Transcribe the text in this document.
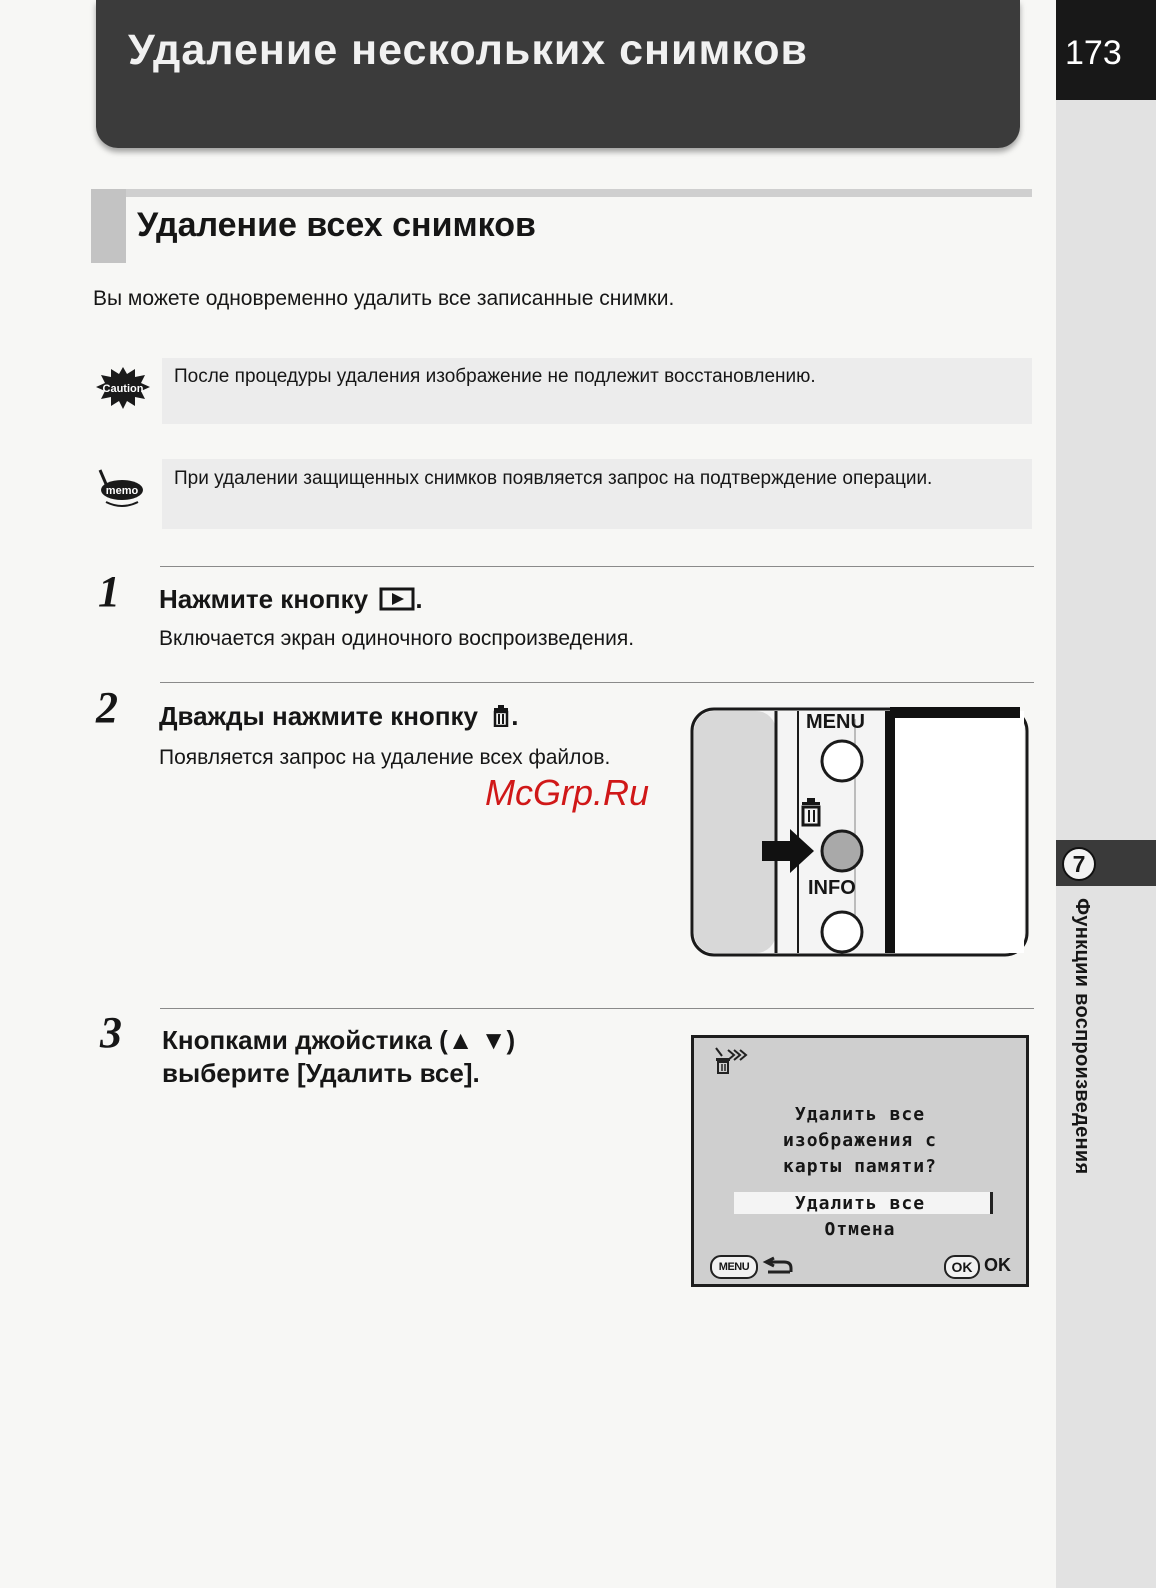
Удаление нескольких снимков	173
7
Функции воспроизведения
Удаление всех снимков
Вы можете одновременно удалить все записанные снимки.
Caution
После процедуры удаления изображение не подлежит восстановлению.
memo
При удалении защищенных снимков появляется запрос на подтверждение операции.
1 Нажмите кнопку .
Включается экран одиночного воспроизведения.
2 Дважды нажмите кнопку .
Появляется запрос на удаление всех файлов.
MENU
INFO
McGrp.Ru
3 Кнопками джойстика (▲ ▼)
выберите [Удалить все].
Удалить все
изображения с
карты памяти?
Удалить все
Отмена
MENU	OK OK
